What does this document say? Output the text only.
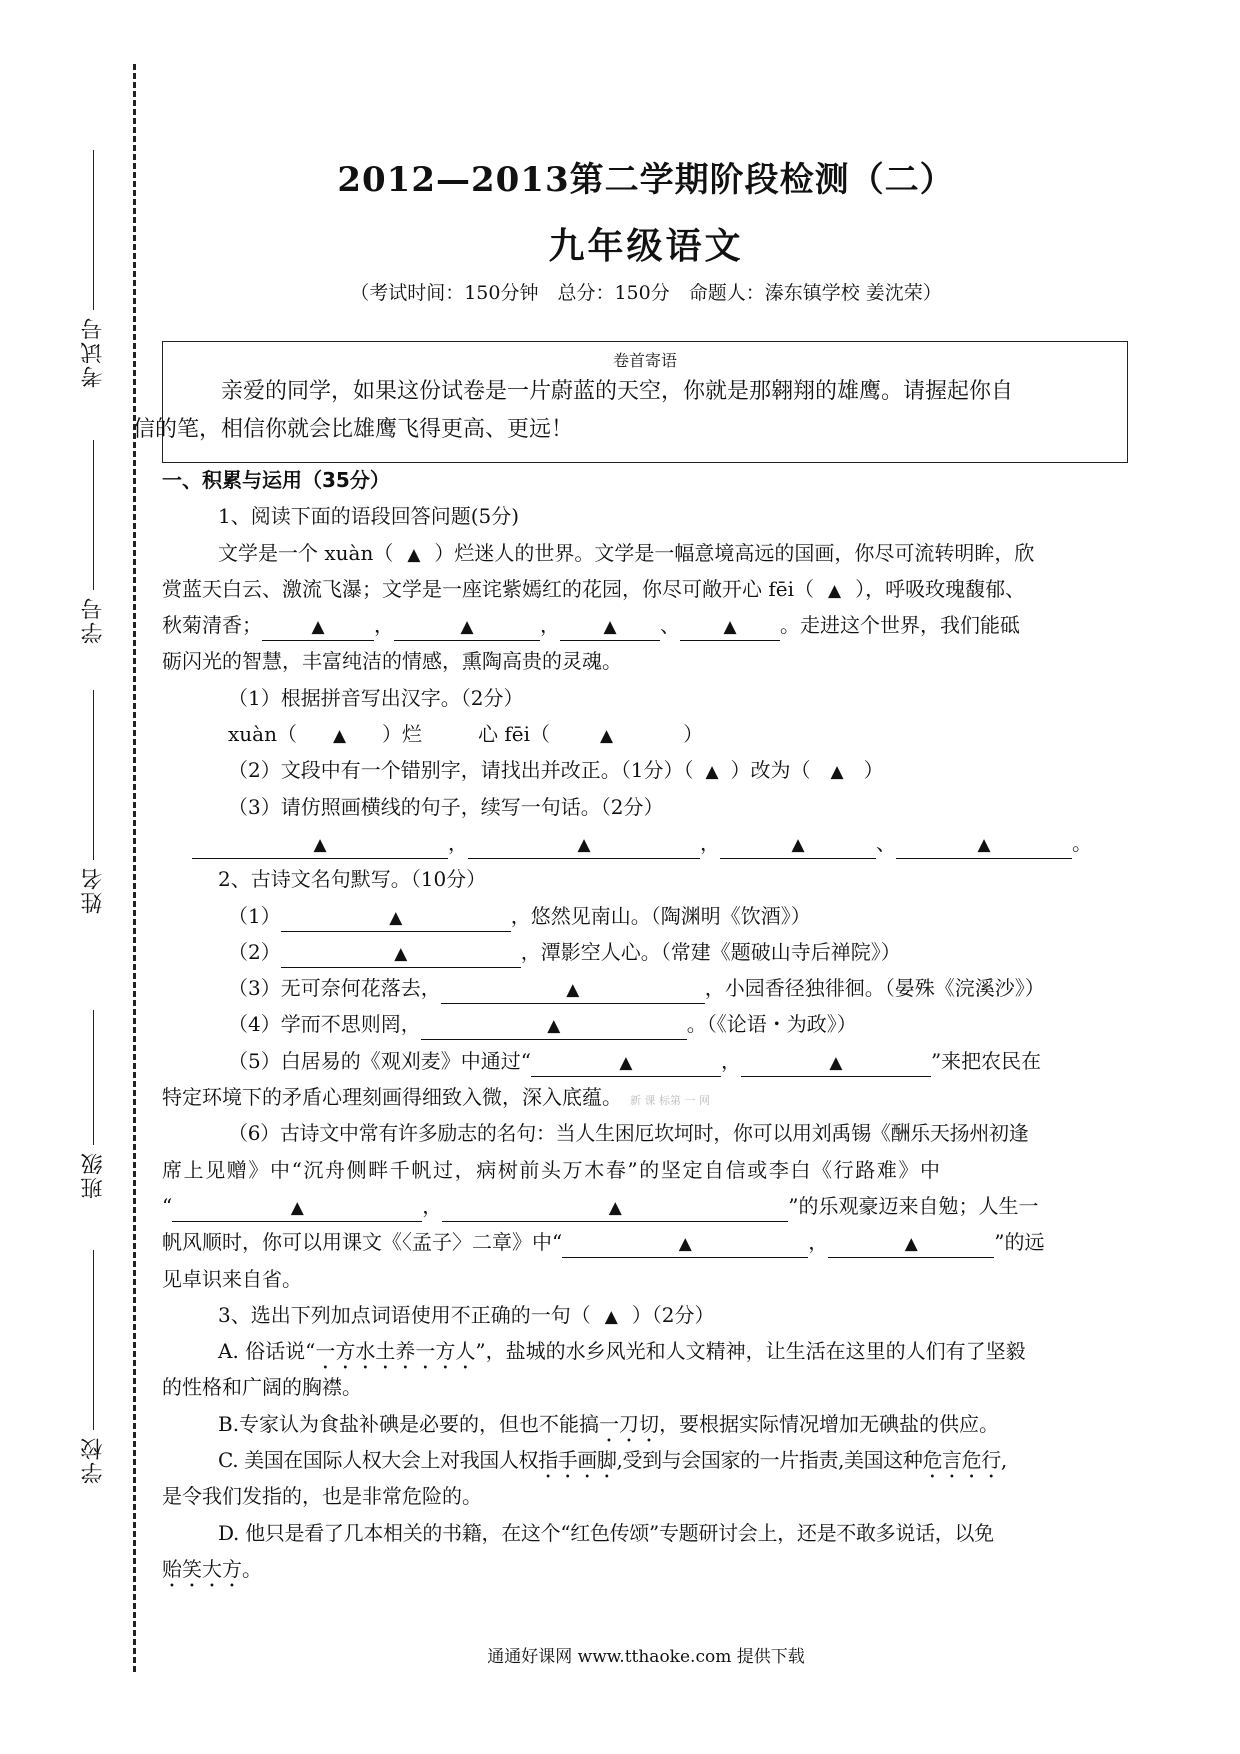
考试号
学号
姓名
班级
学校
2012—2013第二学期阶段检测（二）
九年级语文
（考试时间：150分钟　总分：150分　命题人：溱东镇学校 姜沈荣）
卷首寄语
亲爱的同学，如果这份试卷是一片蔚蓝的天空，你就是那翱翔的雄鹰。请握起你自
信的笔，相信你就会比雄鹰飞得更高、更远！
一、积累与运用（35分）
1、阅读下面的语段回答问题(5分)
文学是一个 xuàn（ ▲ ）烂迷人的世界。文学是一幅意境高远的国画，你尽可流转明眸，欣
赏蓝天白云、激流飞瀑；文学是一座诧紫嫣红的花园，你尽可敞开心 fēi（ ▲ ），呼吸玫瑰馥郁、
秋菊清香；	▲ ，	▲	，	▲ 、	▲ 。走进这个世界，我们能砥
砺闪光的智慧，丰富纯洁的情感，熏陶高贵的灵魂。
（1）根据拼音写出汉字。（2分）
xuàn（ ▲ ）烂	心 fēi（	▲	）
（2）文段中有一个错别字，请找出并改正。（1分）（ ▲ ）改为（ ▲ ）
（3）请仿照画横线的句子，续写一句话。（2分）
▲	，	▲	，	▲	、	▲	。
2、古诗文名句默写。（10分）
（1）	▲	，悠然见南山。（陶渊明《饮酒》）
（2）	▲	，潭影空人心。（常建《题破山寺后禅院》）
（3）无可奈何花落去，	▲	，小园香径独徘徊。（晏殊《浣溪沙》）
（4）学而不思则罔，	▲	。（《论语・为政》）
（5）白居易的《观刈麦》中通过“	▲	，	▲	”来把农民在
特定环境下的矛盾心理刻画得细致入微，深入底蕴。 新 课 标第 一 网
（6）古诗文中常有许多励志的名句：当人生困厄坎坷时，你可以用刘禹锡《酬乐天扬州初逢
席上见赠》中“沉舟侧畔千帆过，病树前头万木春”的坚定自信或李白《行路难》中
“	▲	，	▲	”的乐观豪迈来自勉；人生一
帆风顺时，你可以用课文《〈孟子〉二章》中“	▲	，	▲	”的远
见卓识来自省。
3、选出下列加点词语使用不正确的一句（ ▲ ）（2分）
A. 俗话说“一方水土养一方人”，盐城的水乡风光和人文精神，让生活在这里的人们有了坚毅
的性格和广阔的胸襟。
B.专家认为食盐补碘是必要的，但也不能搞一刀切，要根据实际情况增加无碘盐的供应。
C. 美国在国际人权大会上对我国人权指手画脚,受到与会国家的一片指责,美国这种危言危行,
是令我们发指的，也是非常危险的。
D. 他只是看了几本相关的书籍，在这个“红色传颂”专题研讨会上，还是不敢多说话，以免
贻笑大方。
通通好课网 www.tthaoke.com 提供下载
